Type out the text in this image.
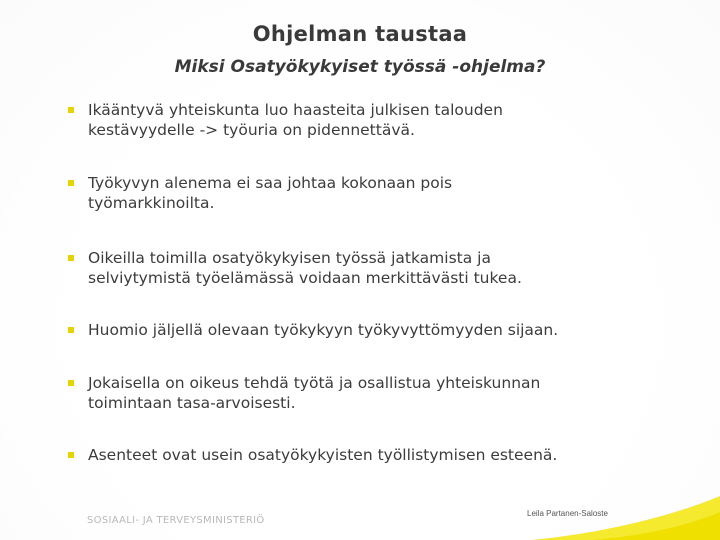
Ohjelman taustaa
Miksi Osatyökykyiset työssä -ohjelma?
Ikääntyvä yhteiskunta luo haasteita julkisen talouden
kestävyydelle -> työuria on pidennettävä.
Työkyvyn alenema ei saa johtaa kokonaan pois
työmarkkinoilta.
Oikeilla toimilla osatyökykyisen työssä jatkamista ja
selviytymistä työelämässä voidaan merkittävästi tukea.
Huomio jäljellä olevaan työkykyyn työkyvyttömyyden sijaan.
Jokaisella on oikeus tehdä työtä ja osallistua yhteiskunnan
toimintaan tasa-arvoisesti.
Asenteet ovat usein osatyökykyisten työllistymisen esteenä.
SOSIAALI- JA TERVEYSMINISTERIÖ
Leila Partanen-Saloste
